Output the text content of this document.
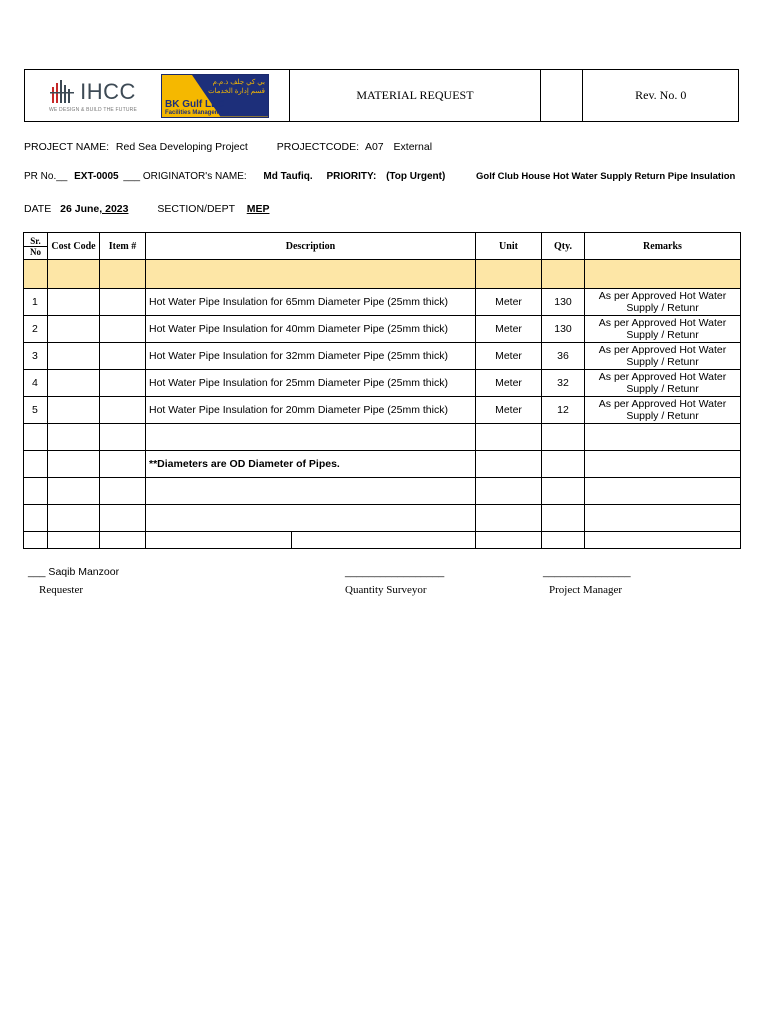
IHCC
WE DESIGN & BUILD THE FUTURE
بي كي جلف ذ.م.م
قسم إدارة الخدمات
BK Gulf LLC
Facilities Management
MATERIAL REQUEST	Rev. No. 0
PROJECT NAME: Red Sea Developing Project	PROJECTCODE: A07 External
PR No.__ EXT-0005 ___ ORIGINATOR's NAME: Md Taufiq. PRIORITY: (Top Urgent)	Golf Club House Hot Water Supply Return Pipe Insulation
DATE 26 June, 2023	SECTION/DEPT MEP
Sr.
No	Cost Code	Item #	Description	Unit	Qty.	Remarks

1			Hot Water Pipe Insulation for 65mm Diameter Pipe (25mm thick)	Meter	130	As per Approved Hot Water
Supply / Retunr

2			Hot Water Pipe Insulation for 40mm Diameter Pipe (25mm thick)	Meter	130	As per Approved Hot Water
Supply / Retunr

3			Hot Water Pipe Insulation for 32mm Diameter Pipe (25mm thick)	Meter	36	As per Approved Hot Water
Supply / Retunr

4			Hot Water Pipe Insulation for 25mm Diameter Pipe (25mm thick)	Meter	32	As per Approved Hot Water
Supply / Retunr

5			Hot Water Pipe Insulation for 20mm Diameter Pipe (25mm thick)	Meter	12	As per Approved Hot Water
Supply / Retunr

			**Diameters are OD Diameter of Pipes.			

___ Saqib Manzoor
Requester
_________________
Quantity Surveyor
_______________
Project Manager
